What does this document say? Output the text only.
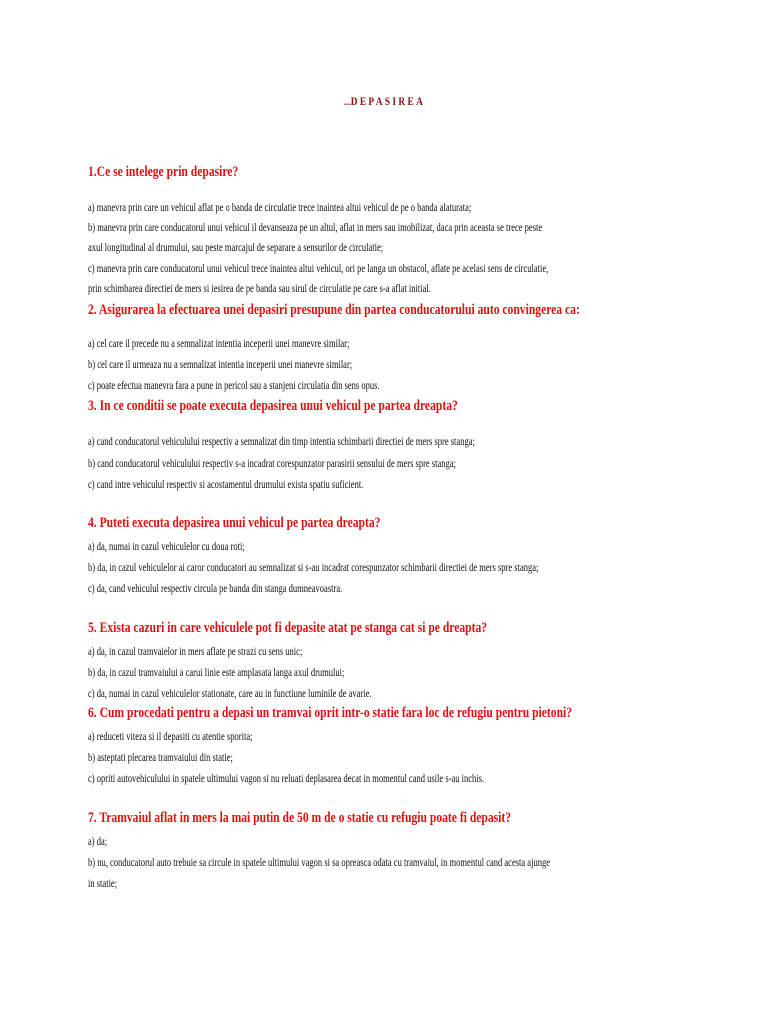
....DEPASIREA
1.Ce se intelege prin depasire?
a) manevra prin care un vehicul aflat pe o banda de circulatie trece inaintea altui vehicul de pe o banda alaturata;
b) manevra prin care conducatorul unui vehicul il devanseaza pe un altul, aflat in mers sau imobilizat, daca prin aceasta se trece peste
axul longitudinal al drumului, sau peste marcajul de separare a sensurilor de circulatie;
c) manevra prin care conducatorul unui vehicul trece inaintea altui vehicul, ori pe langa un obstacol, aflate pe acelasi sens de circulatie,
prin schimbarea directiei de mers si iesirea de pe banda sau sirul de circulatie pe care s-a aflat initial.
2. Asigurarea la efectuarea unei depasiri presupune din partea conducatorului auto convingerea ca:
a) cel care il precede nu a semnalizat intentia inceperii unei manevre similar;
b) cel care il urmeaza nu a semnalizat intentia inceperii unei manevre similar;
c) poate efectua manevra fara a pune in pericol sau a stanjeni circulatia din sens opus.
3. In ce conditii se poate executa depasirea unui vehicul pe partea dreapta?
a) cand conducatorul vehiculului respectiv a semnalizat din timp intentia schimbarii directiei de mers spre stanga;
b) cand conducatorul vehiculului respectiv s-a incadrat corespunzator parasirii sensului de mers spre stanga;
c) cand intre vehiculul respectiv si acostamentul drumului exista spatiu suficient.
4. Puteti executa depasirea unui vehicul pe partea dreapta?
a) da, numai in cazul vehiculelor cu doua roti;
b) da, in cazul vehiculelor ai caror conducatori au semnalizat si s-au incadrat corespunzator schimbarii directiei de mers spre stanga;
c) da, cand vehiculul respectiv circula pe banda din stanga dumneavoastra.
5. Exista cazuri in care vehiculele pot fi depasite atat pe stanga cat si pe dreapta?
a) da, in cazul tramvaielor in mers aflate pe strazi cu sens unic;
b) da, in cazul tramvaiului a carui linie este amplasata langa axul drumului;
c) da, numai in cazul vehiculelor stationate, care au in functiune luminile de avarie.
6. Cum procedati pentru a depasi un tramvai oprit intr-o statie fara loc de refugiu pentru pietoni?
a) reduceti viteza si il depasiti cu atentie sporita;
b) asteptati plecarea tramvaiului din statie;
c) opriti autovehiculului in spatele ultimului vagon si nu reluati deplasarea decat in momentul cand usile s-au inchis.
7. Tramvaiul aflat in mers la mai putin de 50 m de o statie cu refugiu poate fi depasit?
a) da;
b) nu, conducatorul auto trebuie sa circule in spatele ultimului vagon si sa opreasca odata cu tramvaiul, in momentul cand acesta ajunge
in statie;
